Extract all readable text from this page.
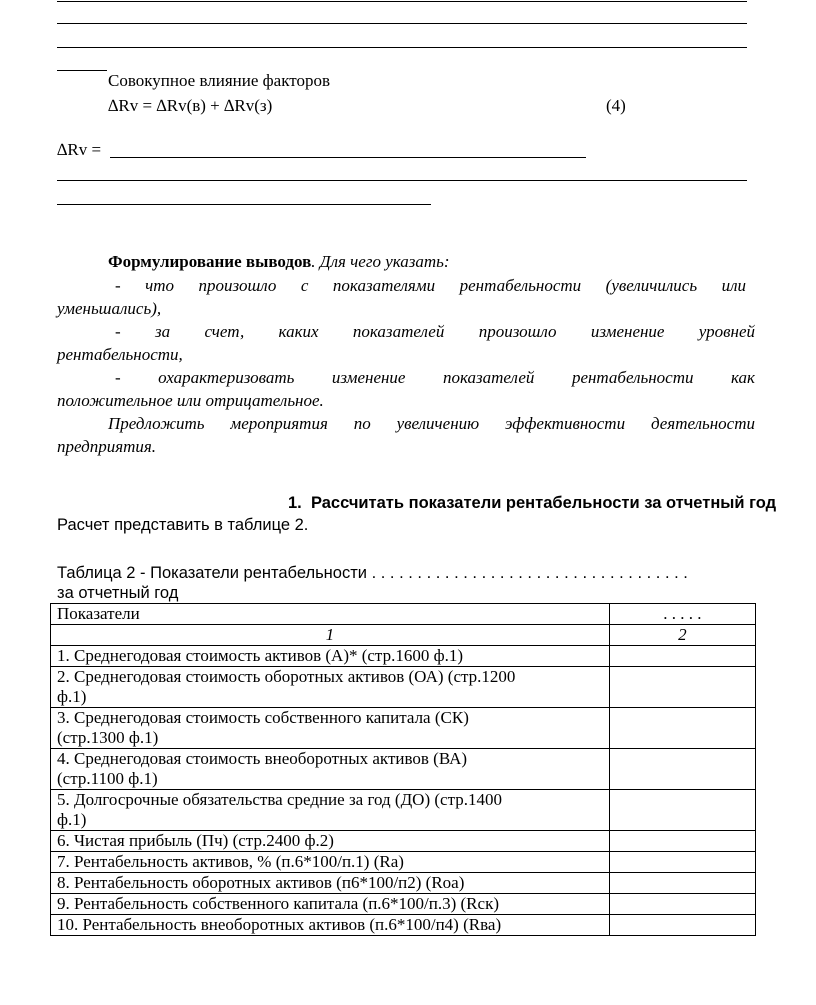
Совокупное влияние факторов
∆Rv = ∆Rv(в) + ∆Rv(з)	(4)
∆Rv =
Формулирование выводов. Для чего указать:
- что произошло с показателями рентабельности (увеличились или
уменьшались),
- за счет, каких показателей произошло изменение уровней
рентабельности,
- охарактеризовать изменение показателей рентабельности как
положительное или отрицательное.
Предложить мероприятия по увеличению эффективности деятельности
предприятия.
1. Рассчитать показатели рентабельности за отчетный год
Расчет представить в таблице 2.
Таблица 2 - Показатели рентабельности . . . . . . . . . . . . . . . . . . . . . . . . . . . . . . . . . . .
за отчетный год
Показатели	. . . . .
1	2
1. Среднегодовая стоимость активов (А)* (стр.1600 ф.1)	

2. Среднегодовая стоимость оборотных активов (ОА) (стр.1200
ф.1)	

3. Среднегодовая стоимость собственного капитала (СК)
(стр.1300 ф.1)	

4. Среднегодовая стоимость внеоборотных активов (ВА)
(стр.1100 ф.1)	

5. Долгосрочные обязательства средние за год (ДО) (стр.1400
ф.1)	

6. Чистая прибыль (Пч) (стр.2400 ф.2)	
7. Рентабельность активов, % (п.6*100/п.1) (Ra)	
8. Рентабельность оборотных активов (п6*100/п2) (Roa)	
9. Рентабельность собственного капитала (п.6*100/п.3) (Rск)	
10. Рентабельность внеоборотных активов (п.6*100/п4) (Rва)	
